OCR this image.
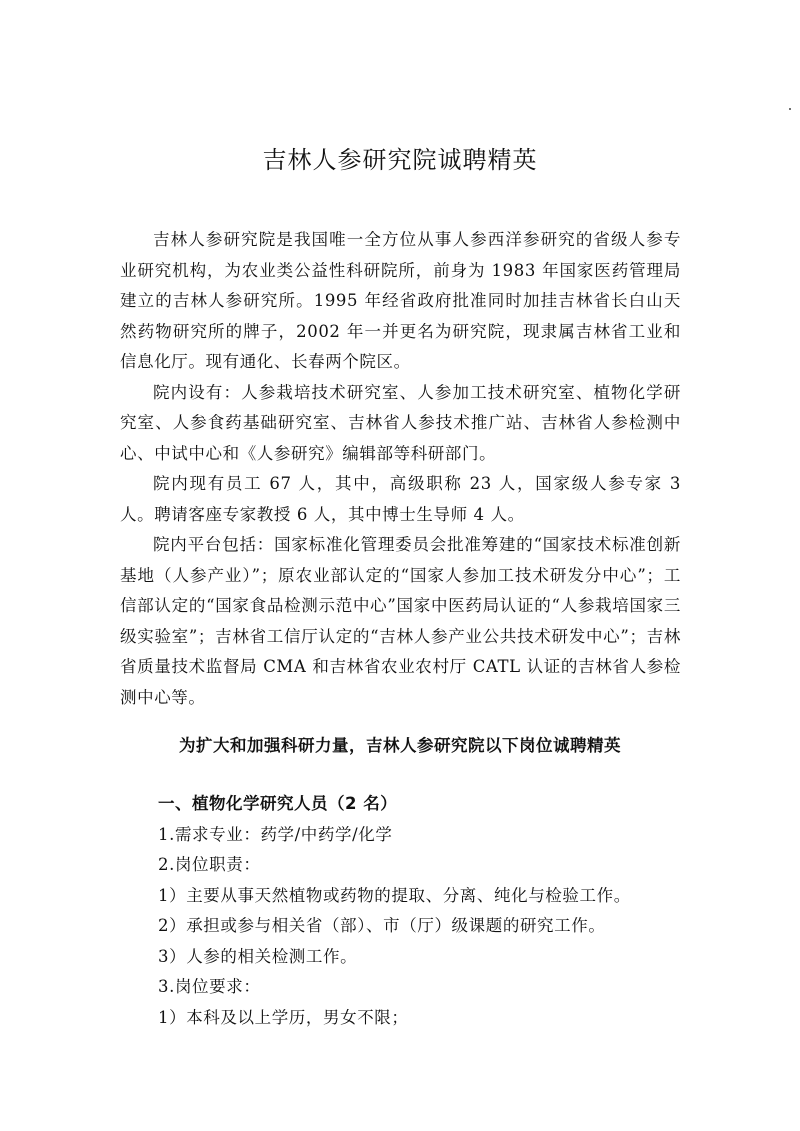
吉林人参研究院诚聘精英

吉林人参研究院是我国唯一全方位从事人参西洋参研究的省级人参专业研究机构，为农业类公益性科研院所，前身为 1983 年国家医药管理局建立的吉林人参研究所。1995 年经省政府批准同时加挂吉林省长白山天然药物研究所的牌子，2002 年一并更名为研究院，现隶属吉林省工业和信息化厅。现有通化、长春两个院区。

院内设有：人参栽培技术研究室、人参加工技术研究室、植物化学研究室、人参食药基础研究室、吉林省人参技术推广站、吉林省人参检测中心、中试中心和《人参研究》编辑部等科研部门。

院内现有员工 67 人，其中，高级职称 23 人，国家级人参专家 3 人。聘请客座专家教授 6 人，其中博士生导师 4 人。

院内平台包括：国家标准化管理委员会批准筹建的“国家技术标准创新基地（人参产业）”；原农业部认定的“国家人参加工技术研发分中心”；工信部认定的“国家食品检测示范中心”国家中医药局认证的“人参栽培国家三级实验室”；吉林省工信厅认定的“吉林人参产业公共技术研发中心”；吉林省质量技术监督局 CMA 和吉林省农业农村厅 CATL 认证的吉林省人参检测中心等。

为扩大和加强科研力量，吉林人参研究院以下岗位诚聘精英
一、植物化学研究人员（2 名）
1.需求专业：药学/中药学/化学
2.岗位职责：
1）主要从事天然植物或药物的提取、分离、纯化与检验工作。
2）承担或参与相关省（部）、市（厅）级课题的研究工作。
3）人参的相关检测工作。
3.岗位要求：
1）本科及以上学历，男女不限；
